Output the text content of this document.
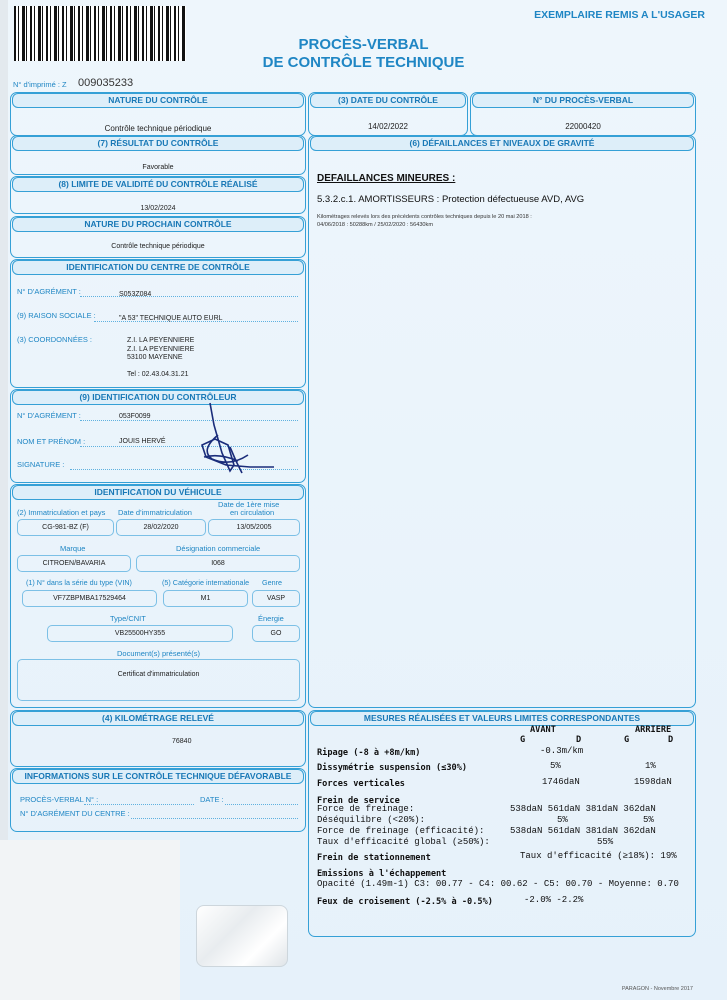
EXEMPLAIRE REMIS A L'USAGER
PROCÈS-VERBAL
DE CONTRÔLE TECHNIQUE
N° d'imprimé : Z 009035233
NATURE DU CONTRÔLE
Contrôle technique périodique
(3) DATE DU CONTRÔLE
14/02/2022
N° DU PROCÈS-VERBAL
22000420
(7) RÉSULTAT DU CONTRÔLE
Favorable
(8) LIMITE DE VALIDITÉ DU CONTRÔLE RÉALISÉ
13/02/2024
NATURE DU PROCHAIN CONTRÔLE
Contrôle technique périodique
IDENTIFICATION DU CENTRE DE CONTRÔLE
N° D'AGRÉMENT :	S053Z084
(9) RAISON SOCIALE :	"A 53" TECHNIQUE AUTO EURL
(3) COORDONNÉES :	Z.I. LA PEYENNIERE
Z.I. LA PEYENNIERE
53100 MAYENNE
Tel : 02.43.04.31.21
(9) IDENTIFICATION DU CONTRÔLEUR
N° D'AGRÉMENT :	053F0099
NOM ET PRÉNOM :	JOUIS HERVÉ
SIGNATURE :
IDENTIFICATION DU VÉHICULE
(2) Immatriculation et pays Date d'immatriculation
Date de 1ère mise
en circulation
CG-981-BZ (F)	28/02/2020	13/05/2005
Marque	Désignation commerciale
CITROEN/BAVARIA	I068
(1) N° dans la série du type (VIN)	(5) Catégorie internationale Genre
VF7ZBPMBA17529464	M1	VASP
Type/CNIT	Énergie
VB25500HY355	GO
Document(s) présenté(s)
Certificat d'immatriculation
(4) KILOMÉTRAGE RELEVÉ
76840
INFORMATIONS SUR LE CONTRÔLE TECHNIQUE DÉFAVORABLE
PROCÈS-VERBAL N° :	DATE :
N° D'AGRÉMENT DU CENTRE :
(6) DÉFAILLANCES ET NIVEAUX DE GRAVITÉ
DEFAILLANCES MINEURES :
5.3.2.c.1. AMORTISSEURS : Protection défectueuse AVD, AVG
Kilométrages relevés lors des précédents contrôles techniques depuis le 20 mai 2018 :
04/06/2018 : 50288km / 25/02/2020 : 56430km
MESURES RÉALISÉES ET VALEURS LIMITES CORRESPONDANTES
AVANT	ARRIERE
G	D	G	D
Ripage (-8 à +8m/km)	-0.3m/km
Dissymétrie suspension (≤30%)	5%	1%
Forces verticales	1746daN	1598daN
Frein de service
Force de freinage:	538daN 561daN 381daN 362daN
Déséquilibre (<20%):	5%	5%
Force de freinage (efficacité):	538daN 561daN 381daN 362daN
Taux d'efficacité global (≥50%):	55%
Frein de stationnement	Taux d'efficacité (≥18%): 19%
Emissions à l'échappement
Opacité (1.49m-1) C3: 00.77 - C4: 00.62 - C5: 00.70 - Moyenne: 0.70
Feux de croisement (-2.5% à -0.5%)	-2.0% -2.2%
PARAGON - Novembre 2017
